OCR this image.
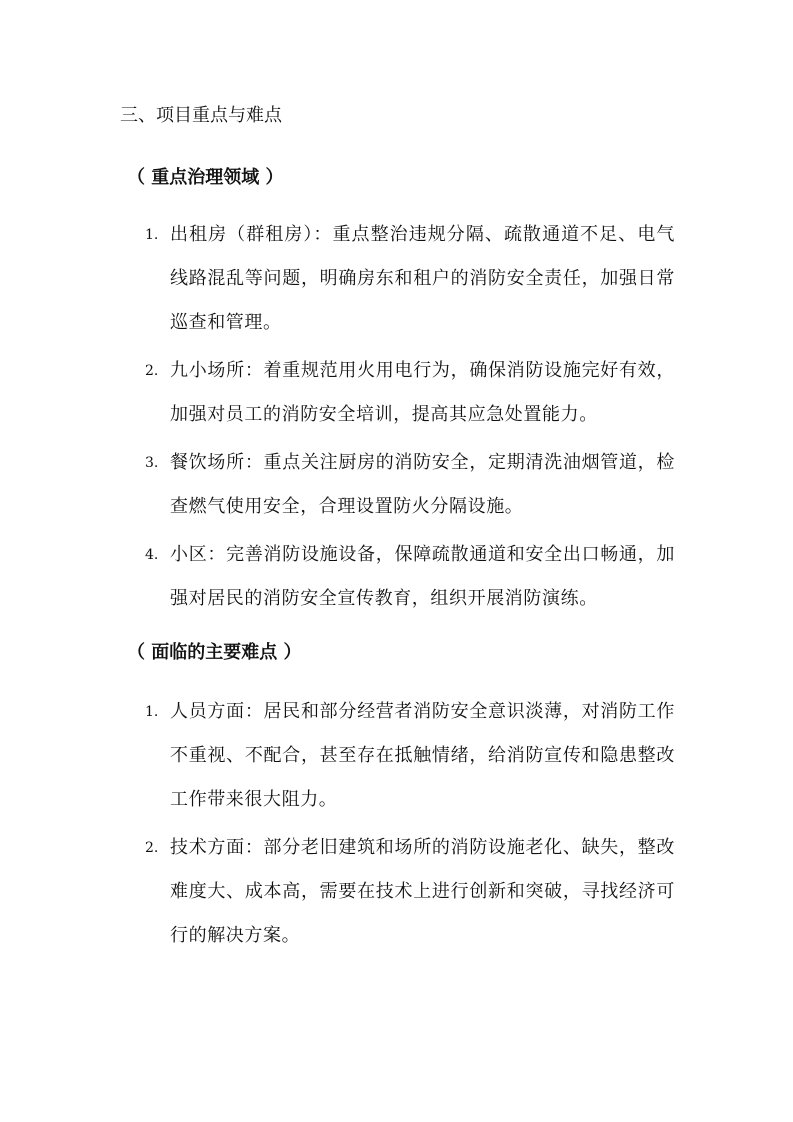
三、项目重点与难点
（ 重点治理领域 ）
1. 出租房（群租房）：重点整治违规分隔、疏散通道不足、电气线路混乱等问题，明确房东和租户的消防安全责任，加强日常巡查和管理。
2. 九小场所：着重规范用火用电行为，确保消防设施完好有效，加强对员工的消防安全培训，提高其应急处置能力。
3. 餐饮场所：重点关注厨房的消防安全，定期清洗油烟管道，检查燃气使用安全，合理设置防火分隔设施。
4. 小区：完善消防设施设备，保障疏散通道和安全出口畅通，加强对居民的消防安全宣传教育，组织开展消防演练。
（ 面临的主要难点 ）
1. 人员方面：居民和部分经营者消防安全意识淡薄，对消防工作不重视、不配合，甚至存在抵触情绪，给消防宣传和隐患整改工作带来很大阻力。
2. 技术方面：部分老旧建筑和场所的消防设施老化、缺失，整改难度大、成本高，需要在技术上进行创新和突破，寻找经济可行的解决方案。
